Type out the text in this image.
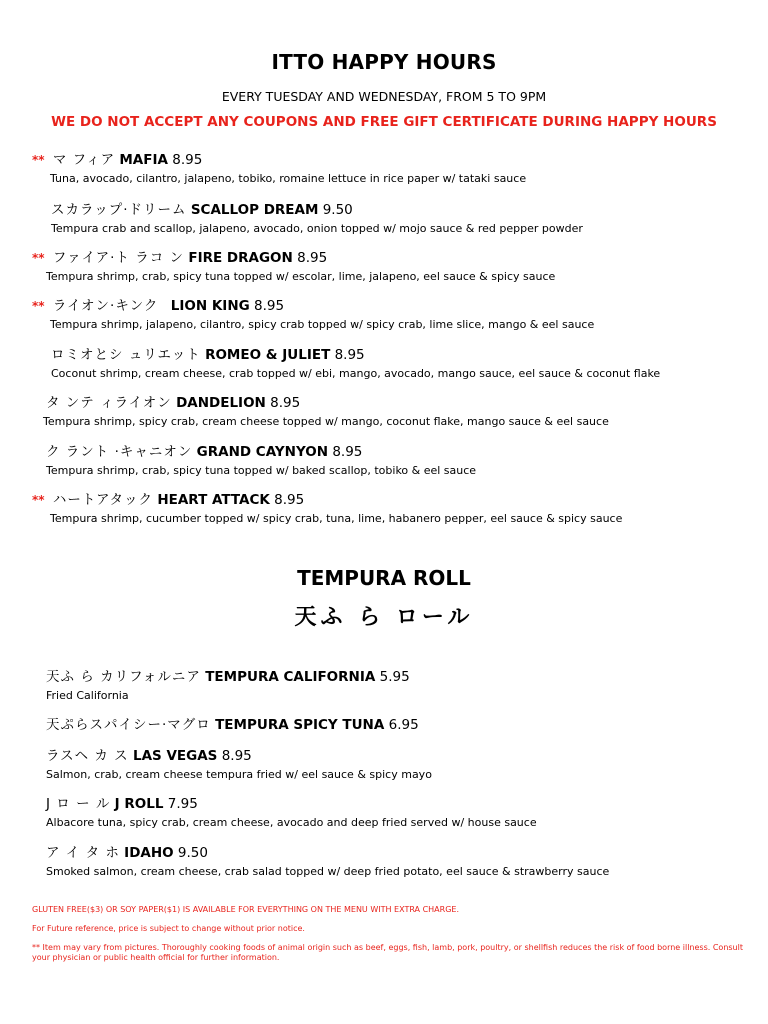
ITTO HAPPY HOURS
EVERY TUESDAY AND WEDNESDAY, FROM 5 TO 9PM
WE DO NOT ACCEPT ANY COUPONS AND FREE GIFT CERTIFICATE DURING HAPPY HOURS
** マ フィア MAFIA 8.95
Tuna, avocado, cilantro, jalapeno, tobiko, romaine lettuce in rice paper w/ tataki sauce
スカラップ·ドリーム SCALLOP DREAM 9.50
Tempura crab and scallop, jalapeno, avocado, onion topped w/ mojo sauce & red pepper powder
** ファイア·ト ラコ ン FIRE DRAGON 8.95
Tempura shrimp, crab, spicy tuna topped w/ escolar, lime, jalapeno, eel sauce & spicy sauce
** ライオン·キンク LION KING 8.95
Tempura shrimp, jalapeno, cilantro, spicy crab topped w/ spicy crab, lime slice, mango & eel sauce
ロミオとシ ュリエット ROMEO & JULIET 8.95
Coconut shrimp, cream cheese, crab topped w/ ebi, mango, avocado, mango sauce, eel sauce & coconut flake
タ ンテ ィライオン DANDELION 8.95
Tempura shrimp, spicy crab, cream cheese topped w/ mango, coconut flake, mango sauce & eel sauce
ク ラント ·キャニオン GRAND CAYNYON 8.95
Tempura shrimp, crab, spicy tuna topped w/ baked scallop, tobiko & eel sauce
** ハートアタック HEART ATTACK 8.95
Tempura shrimp, cucumber topped w/ spicy crab, tuna, lime, habanero pepper, eel sauce & spicy sauce
TEMPURA ROLL
天ふ ら ロール
天ふ ら カリフォルニア TEMPURA CALIFORNIA 5.95
Fried California
天ぷらスパイシー·マグロ TEMPURA SPICY TUNA 6.95
ラスヘ カ ス LAS VEGAS 8.95
Salmon, crab, cream cheese tempura fried w/ eel sauce & spicy mayo
J ロ ー ル J ROLL 7.95
Albacore tuna, spicy crab, cream cheese, avocado and deep fried served w/ house sauce
ア イ タ ホ IDAHO 9.50
Smoked salmon, cream cheese, crab salad topped w/ deep fried potato, eel sauce & strawberry sauce
GLUTEN FREE($3) OR SOY PAPER($1) IS AVAILABLE FOR EVERYTHING ON THE MENU WITH EXTRA CHARGE.
For Future reference, price is subject to change without prior notice.
** Item may vary from pictures. Thoroughly cooking foods of animal origin such as beef, eggs, fish, lamb, pork, poultry, or shellfish reduces the risk of food borne illness. Consult your physician or public health official for further information.
